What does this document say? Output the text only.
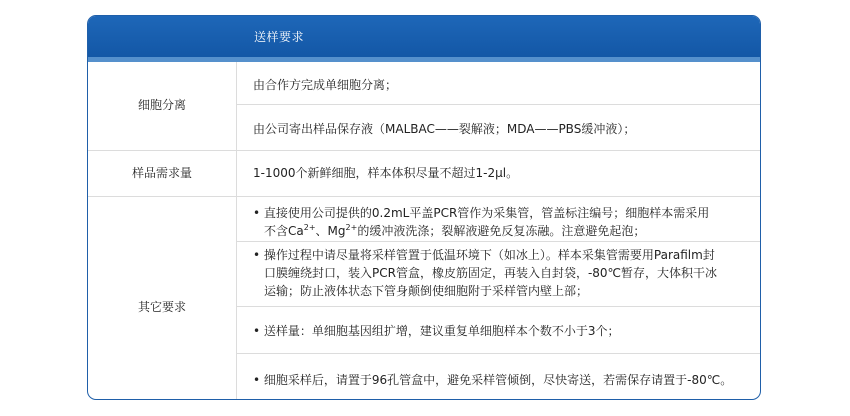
送样要求
细胞分离
由合作方完成单细胞分离；
由公司寄出样品保存液（MALBAC——裂解液；MDA——PBS缓冲液）；
样品需求量	1-1000个新鲜细胞，样本体积尽量不超过1-2μl。
其它要求
• 直接使用公司提供的0.2mL平盖PCR管作为采集管，管盖标注编号；细胞样本需采用
不含$Ca^{2+}$、$Mg^{2+}$的缓冲液洗涤；裂解液避免反复冻融。注意避免起泡；
• 操作过程中请尽量将采样管置于低温环境下（如冰上）。样本采集管需要用Parafilm封
口膜缠绕封口，装入PCR管盒，橡皮筋固定，再装入自封袋，-80℃暂存，大体积干冰
运输；防止液体状态下管身颠倒使细胞附于采样管内壁上部；
• 送样量：单细胞基因组扩增，建议重复单细胞样本个数不小于3个；
• 细胞采样后，请置于96孔管盒中，避免采样管倾倒，尽快寄送，若需保存请置于-80℃。
